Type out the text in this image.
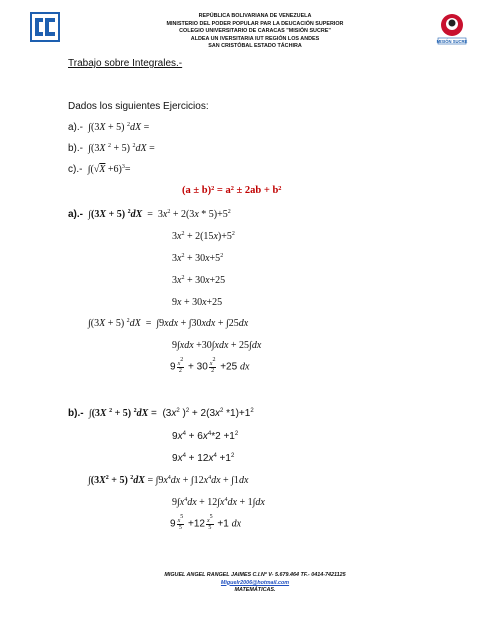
REPÚBLICA BOLIVARIANA DE VENEZUELA
MINISTERIO DEL PODER POPULAR PAR LA DEUCACIÓN SUPERIOR
COLEGIO UNIVERSITARIO DE CARACAS "MISIÓN SUCRE"
ALDEA UN IVERSITARIA IUT REGIÓN LOS ANDES
SAN CRISTÓBAL ESTADO TÁCHIRA
MISIÓN SUCRE
Trabajo sobre Integrales.-
Dados los siguientes Ejercicios:
a).-  ∫(3X + 5) $^2$dX =
b).-  ∫(3X $^2$ + 5) $^2$dX =
c).-  $\int(√X +6)^3=$
(a ± b)² = a² ± 2ab + b²
a).-  ∫(3X + 5) $^2dX = 3x^2 + 2(3x * 5)+5^2$
$3x^2 + 2(15x)+5^2$
$3x^2 + 30x+5^2$
$3x^2 + 30x+25$
9x + 30x+25
∫(3X + 5) $^2$dX  =  ∫9xdx + ∫30xdx + ∫25dx
9∫xdx +30∫xdx + 25∫dx
$9 \frac{x^2}{2} + 30 \frac{x^2}{2} +25$ dx
b).-  ∫(3X $^2$ + 5) $^2dX = (3x^2$ )$^2 + 2(3x^2$ $*1)+1^2$
$9x^4 + 6x^4*2 +1^2$
$9x^4 + 12x^4 +1^2$
$\int(3X^2 + 5) ^2dX = \int 9x^4dx + \int 12x^4dx + \int 1dx$
$9\int x^4dx + 12\int x^4dx + 1\int dx$
$9 \frac{x^5}{5} +12 \frac{x^5}{5} +1$ dx
MIGUEL ANGEL RANGEL JAIMES C.I.Nº V- 5.679.464 TF.- 0414-7421125
Miguelr2006@hotmail.com
MATEMÁTICAS.
